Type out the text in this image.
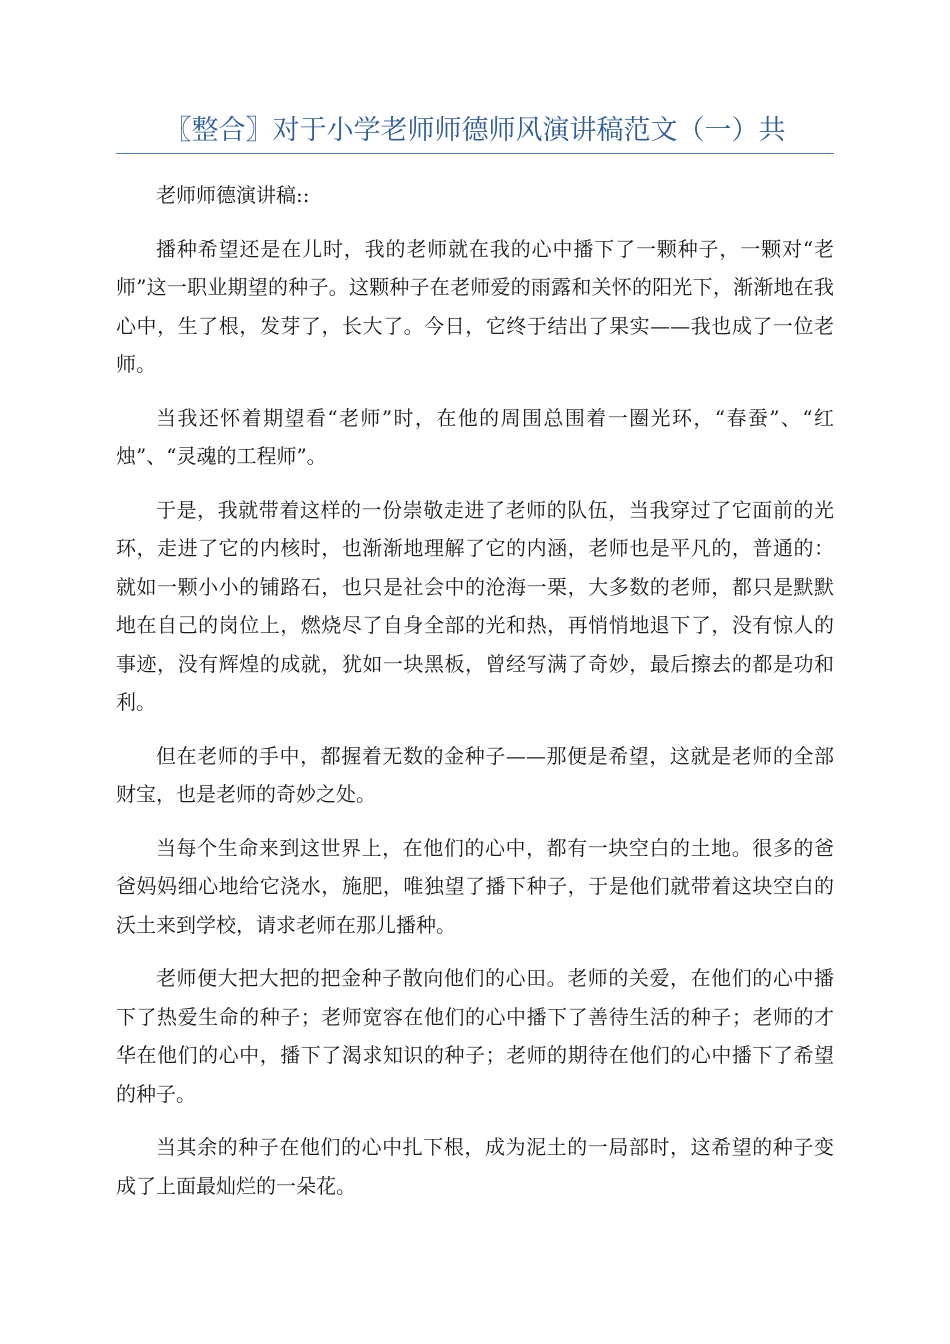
〖整合〗对于小学老师师德师风演讲稿范文（一）共

老师师德演讲稿::

播种希望还是在儿时，我的老师就在我的心中播下了一颗种子，一颗对“老师”这一职业期望的种子。这颗种子在老师爱的雨露和关怀的阳光下，渐渐地在我心中，生了根，发芽了，长大了。今日，它终于结出了果实——我也成了一位老师。

当我还怀着期望看“老师”时，在他的周围总围着一圈光环，“春蚕”、“红烛”、“灵魂的工程师”。

于是，我就带着这样的一份崇敬走进了老师的队伍，当我穿过了它面前的光环，走进了它的内核时，也渐渐地理解了它的内涵，老师也是平凡的，普通的：就如一颗小小的铺路石，也只是社会中的沧海一栗，大多数的老师，都只是默默地在自己的岗位上，燃烧尽了自身全部的光和热，再悄悄地退下了，没有惊人的事迹，没有辉煌的成就，犹如一块黑板，曾经写满了奇妙，最后擦去的都是功和利。

但在老师的手中，都握着无数的金种子——那便是希望，这就是老师的全部财宝，也是老师的奇妙之处。

当每个生命来到这世界上，在他们的心中，都有一块空白的土地。很多的爸爸妈妈细心地给它浇水，施肥，唯独望了播下种子，于是他们就带着这块空白的沃土来到学校，请求老师在那儿播种。

老师便大把大把的把金种子散向他们的心田。老师的关爱，在他们的心中播下了热爱生命的种子；老师宽容在他们的心中播下了善待生活的种子；老师的才华在他们的心中，播下了渴求知识的种子；老师的期待在他们的心中播下了希望的种子。

当其余的种子在他们的心中扎下根，成为泥土的一局部时，这希望的种子变成了上面最灿烂的一朵花。
